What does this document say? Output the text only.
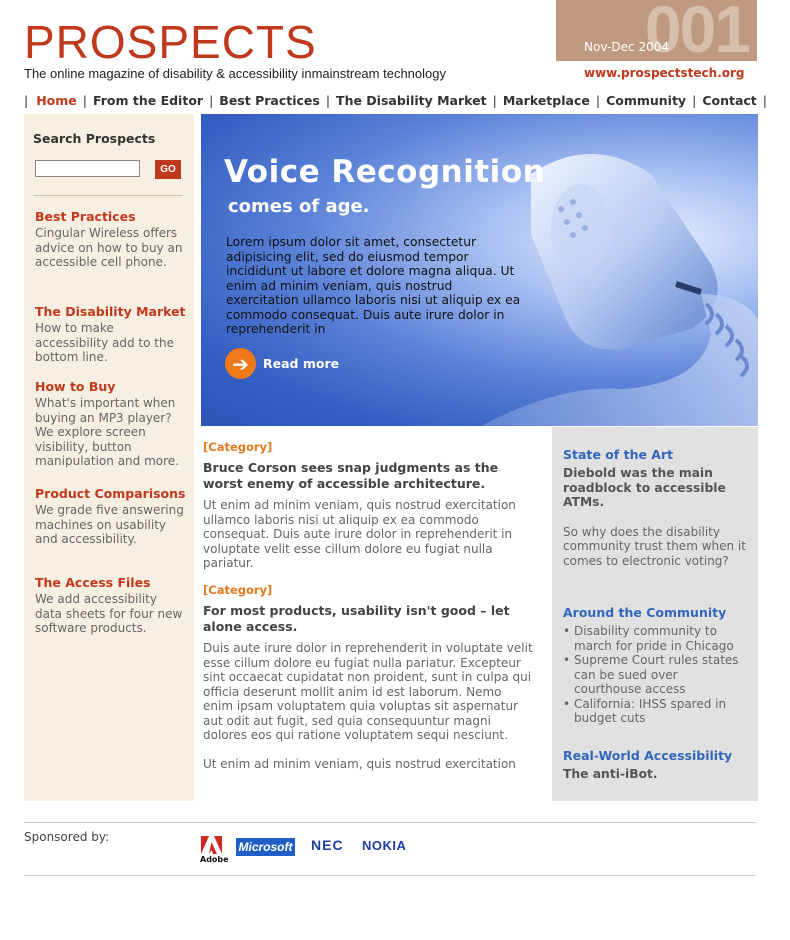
PROSPECTS
The online magazine of disability & accessibility inmainstream technology
001
Nov-Dec 2004
www.prospectstech.org
| Home | From the Editor | Best Practices | The Disability Market | Marketplace | Community | Contact |
Search Prospects
GO
Best Practices
Cingular Wireless offers advice on how to buy an accessible cell phone.
The Disability Market
How to make accessibility add to the bottom line.
How to Buy
What's important when buying an MP3 player? We explore screen visibility, button manipulation and more.
Product Comparisons
We grade five answering machines on usability and accessibility.
The Access Files
We add accessibility data sheets for four new software products.
Voice Recognition
comes of age.
Lorem ipsum dolor sit amet, consectetur adipisicing elit, sed do eiusmod tempor incididunt ut labore et dolore magna aliqua. Ut enim ad minim veniam, quis nostrud exercitation ullamco laboris nisi ut aliquip ex ea commodo consequat. Duis aute irure dolor in reprehenderit in
➔	Read more
[Category]
Bruce Corson sees snap judgments as the worst enemy of accessible architecture.
Ut enim ad minim veniam, quis nostrud exercitation ullamco laboris nisi ut aliquip ex ea commodo consequat. Duis aute irure dolor in reprehenderit in voluptate velit esse cillum dolore eu fugiat nulla pariatur.
[Category]
For most products, usability isn't good – let alone access.
Duis aute irure dolor in reprehenderit in voluptate velit esse cillum dolore eu fugiat nulla pariatur. Excepteur sint occaecat cupidatat non proident, sunt in culpa qui officia deserunt mollit anim id est laborum. Nemo enim ipsam voluptatem quia voluptas sit aspernatur aut odit aut fugit, sed quia consequuntur magni dolores eos qui ratione voluptatem sequi nesciunt.
Ut enim ad minim veniam, quis nostrud exercitation
State of the Art
Diebold was the main roadblock to accessible ATMs.
So why does the disability community trust them when it comes to electronic voting?
Around the Community
• Disability community to march for pride in Chicago
• Supreme Court rules states can be sued over courthouse access
• California: IHSS spared in budget cuts
Real-World Accessibility
The anti-iBot.
Sponsored by:
Adobe
Microsoft NEC NOKIA
